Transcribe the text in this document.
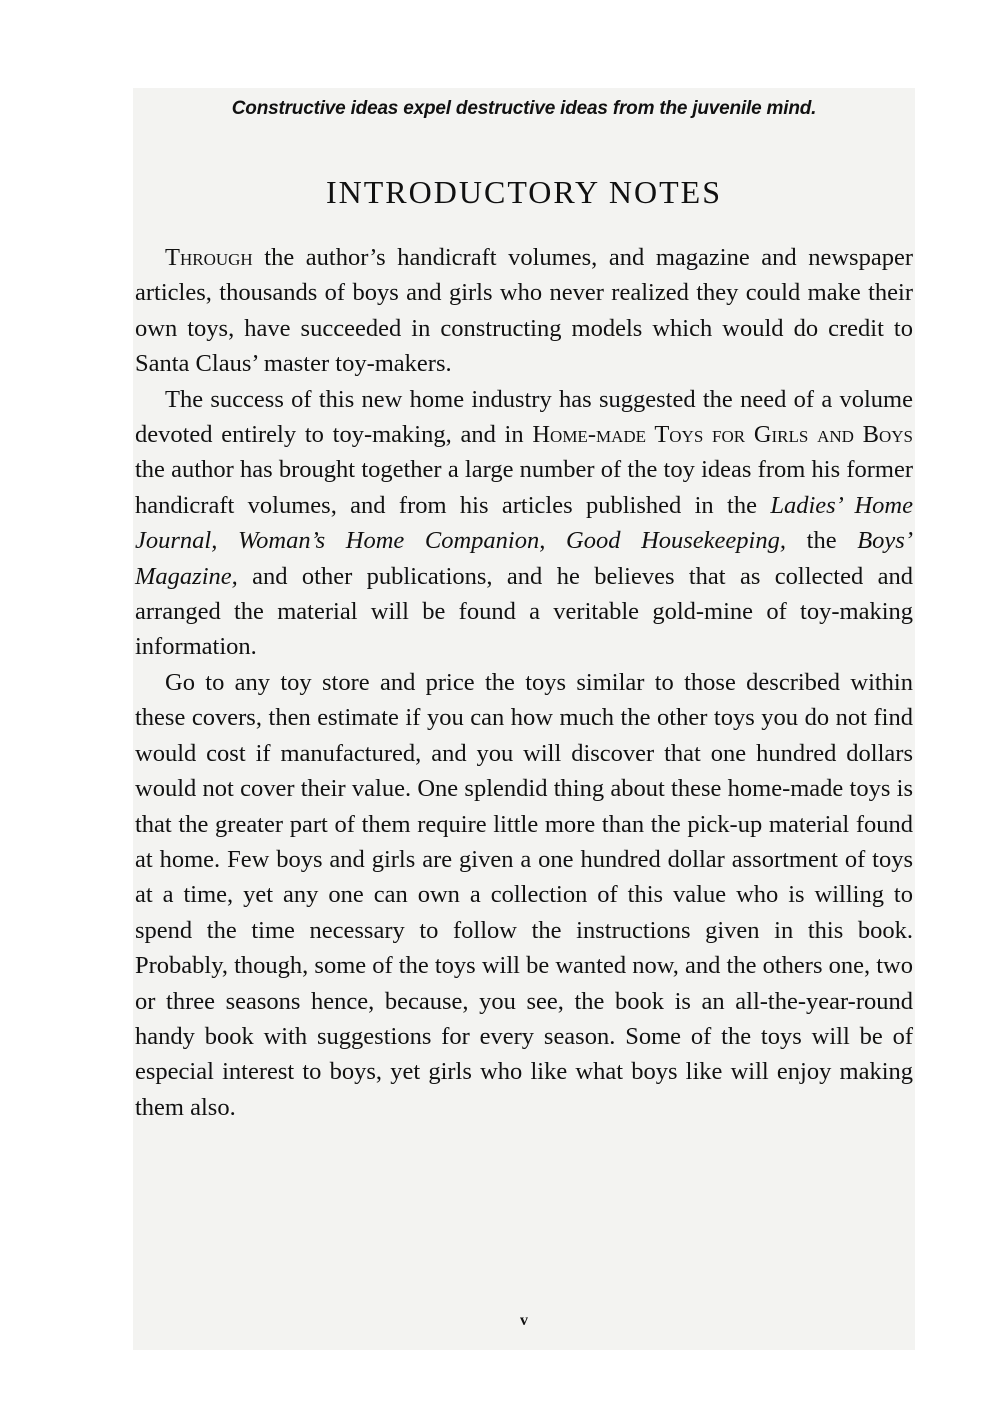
Constructive ideas expel destructive ideas from the juvenile mind.
INTRODUCTORY NOTES

Through the author’s handicraft volumes, and magazine and newspaper articles, thousands of boys and girls who never realized they could make their own toys, have succeeded in constructing models which would do credit to Santa Claus’ master toy-makers.

The success of this new home industry has suggested the need of a volume devoted entirely to toy-making, and in Home-made Toys for Girls and Boys the author has brought together a large number of the toy ideas from his former handicraft volumes, and from his articles published in the Ladies’ Home Journal, Woman’s Home Companion, Good Housekeeping, the Boys’ Magazine, and other publications, and he believes that as collected and arranged the material will be found a veritable gold-mine of toy-making information.

Go to any toy store and price the toys similar to those described within these covers, then estimate if you can how much the other toys you do not find would cost if manufactured, and you will discover that one hundred dollars would not cover their value. One splendid thing about these home-made toys is that the greater part of them require little more than the pick-up material found at home. Few boys and girls are given a one hundred dollar assortment of toys at a time, yet any one can own a collection of this value who is willing to spend the time necessary to follow the instructions given in this book. Probably, though, some of the toys will be wanted now, and the others one, two or three seasons hence, because, you see, the book is an all-the-year-round handy book with suggestions for every season. Some of the toys will be of especial interest to boys, yet girls who like what boys like will enjoy making them also.

v
